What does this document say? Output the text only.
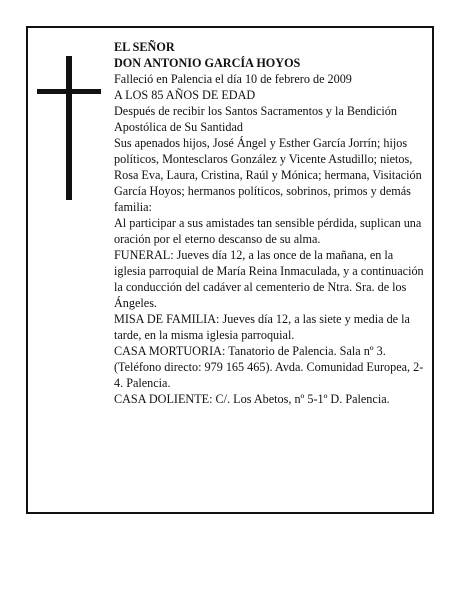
EL SEÑOR

DON ANTONIO GARCÍA HOYOS

Falleció en Palencia el día 10 de febrero de 2009

A LOS 85 AÑOS DE EDAD

Después de recibir los Santos Sacramentos y la Bendición Apostólica de Su Santidad

Sus apenados hijos, José Ángel y Esther García Jorrín; hijos políticos, Montesclaros González y Vicente Astudillo; nietos, Rosa Eva, Laura, Cristina, Raúl y Mónica; hermana, Visitación García Hoyos; hermanos políticos, sobrinos, primos y demás familia:

Al participar a sus amistades tan sensible pérdida, suplican una oración por el eterno descanso de su alma.

FUNERAL: Jueves día 12, a las once de la mañana, en la iglesia parroquial de María Reina Inmaculada, y a continuación la conducción del cadáver al cementerio de Ntra. Sra. de los Ángeles.

MISA DE FAMILIA: Jueves día 12, a las siete y media de la tarde, en la misma iglesia parroquial.

CASA MORTUORIA: Tanatorio de Palencia. Sala nº 3.

(Teléfono directo: 979 165 465). Avda. Comunidad Europea, 2-4. Palencia.

CASA DOLIENTE: C/. Los Abetos, nº 5-1º D. Palencia.
